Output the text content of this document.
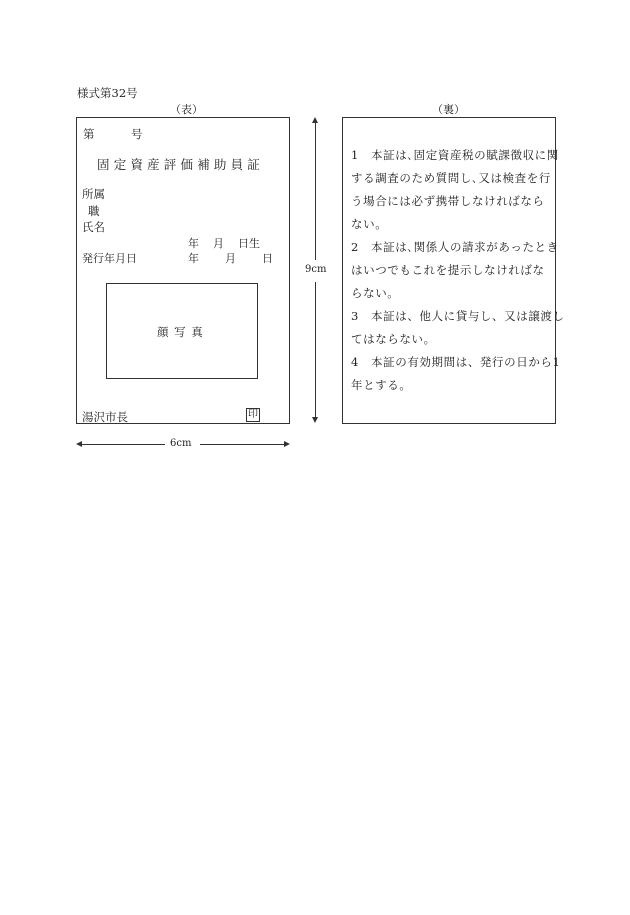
様式第32号
（表）	（裏）
第	号
固定資産評価補助員証
所属
職
氏名
年 月 日生
発行年月日	年 月 日
顔 写 真
湯沢市長	印
9cm
6cm
1　本証は､固定資産税の賦課徴収に関
する調査のため質問し､又は検査を行
う場合には必ず携帯しなければなら
ない。
2　本証は､関係人の請求があったとき
はいつでもこれを提示しなければな
らない。
3　本証は、他人に貸与し、又は譲渡し
てはならない。
4　本証の有効期間は、発行の日から1
年とする。
